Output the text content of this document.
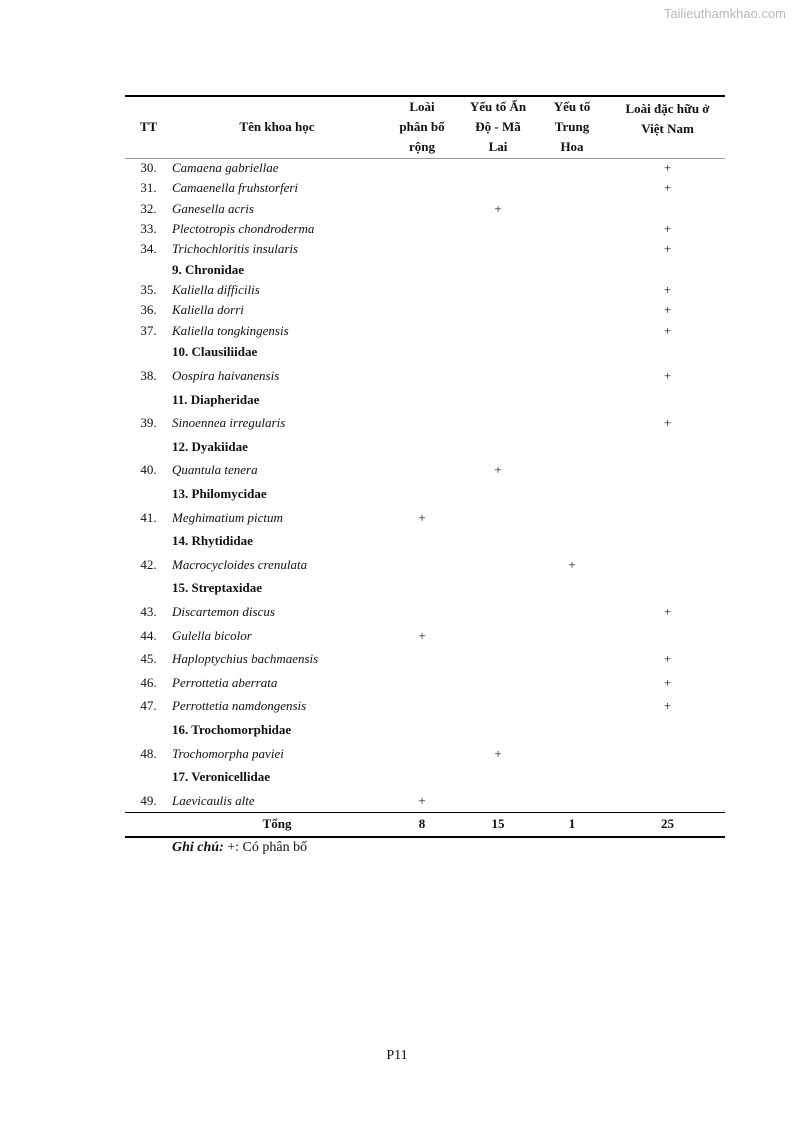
Tailieuthamkhao.com
TT	Tên khoa học	Loài
phân bố
rộng	Yếu tố Ấn
Độ - Mã
Lai	Yếu tố
Trung
Hoa	Loài đặc hữu ở
Việt Nam
30.	Camaena gabriellae				+
31.	Camaenella fruhstorferi				+
32.	Ganesella acris		+		
33.	Plectotropis chondroderma				+
34.	Trichochloritis insularis				+
	9. Chronidae				
35.	Kaliella difficilis				+
36.	Kaliella dorri				+
37.	Kaliella tongkingensis				+
	10. Clausiliidae				
38.	Oospira haivanensis				+
	11. Diapheridae				
39.	Sinoennea irregularis				+
	12. Dyakiidae				
40.	Quantula tenera		+		
	13. Philomycidae				
41.	Meghimatium pictum	+			
	14. Rhytididae				
42.	Macrocycloides crenulata			+	
	15. Streptaxidae				
43.	Discartemon discus				+
44.	Gulella bicolor	+			
45.	Haploptychius bachmaensis				+
46.	Perrottetia aberrata				+
47.	Perrottetia namdongensis				+
	16. Trochomorphidae				
48.	Trochomorpha paviei		+		
	17. Veronicellidae				
49.	Laevicaulis alte	+			
	Tổng	8	15	1	25
Ghi chú: +: Có phân bố
P11
